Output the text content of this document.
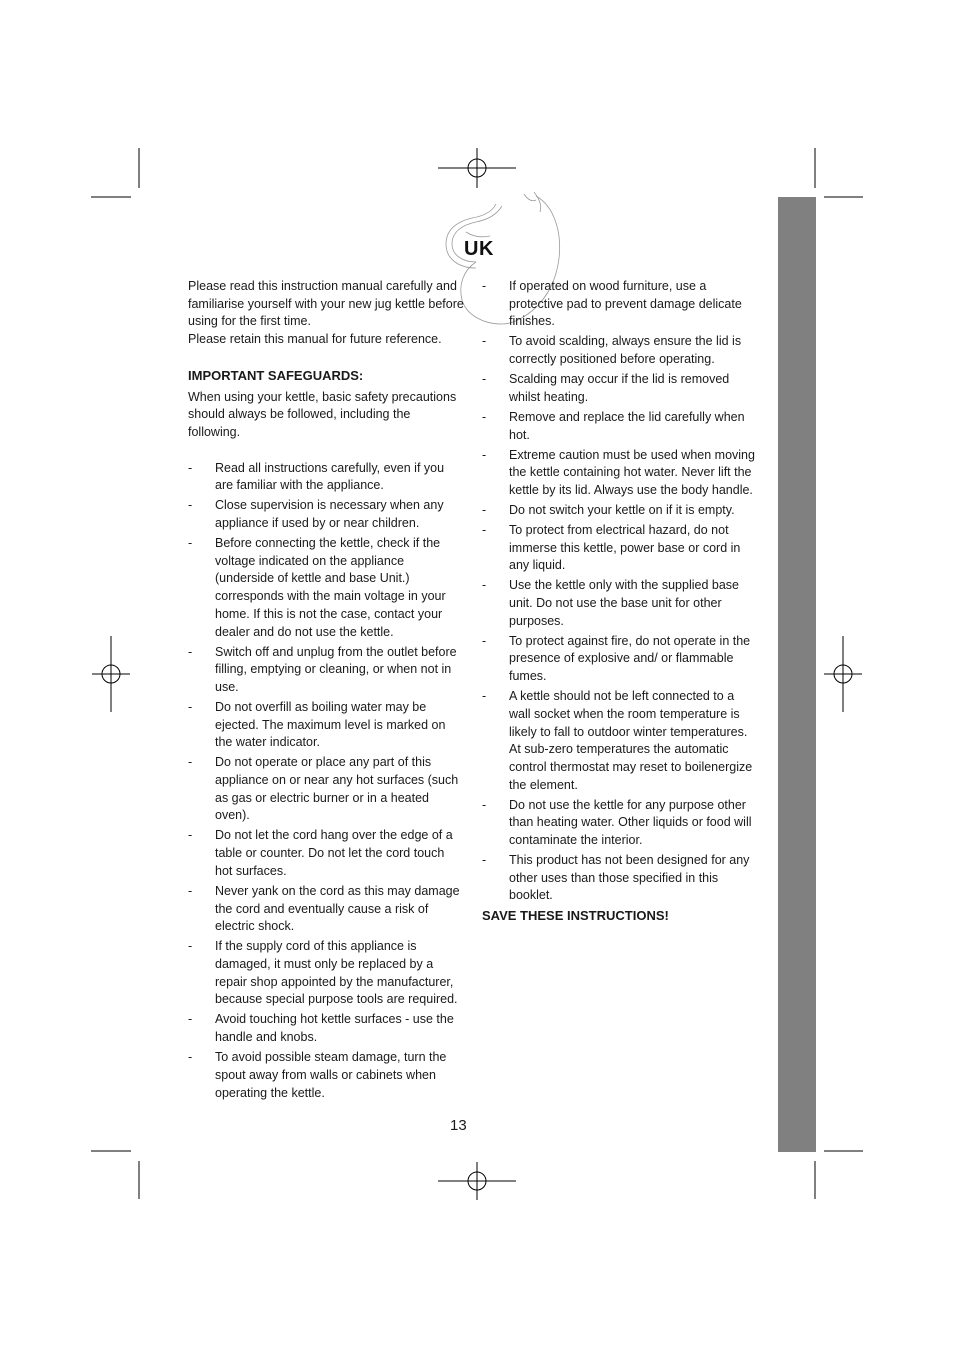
UK

Please read this instruction manual carefully and familiarise yourself with your new jug kettle before using for the first time.

Please retain this manual for future reference.

IMPORTANT SAFEGUARDS:

When using your kettle, basic safety precautions should always be followed, including the following.

- Read all instructions carefully, even if you are familiar with the appliance.
- Close supervision is necessary when any appliance if used by or near children.
- Before connecting the kettle, check if the voltage indicated on the appliance (underside of kettle and base Unit.) corresponds with the main voltage in your home. If this is not the case, contact your dealer and do not use the kettle.
- Switch off and unplug from the outlet before filling, emptying or cleaning, or when not in use.
- Do not overfill as boiling water may be ejected. The maximum level is marked on the water indicator.
- Do not operate or place any part of this appliance on or near any hot surfaces (such as gas or electric burner or in a heated oven).
- Do not let the cord hang over the edge of a table or counter. Do not let the cord touch hot surfaces.
- Never yank on the cord as this may damage the cord and eventually cause a risk of electric shock.
- If the supply cord of this appliance is damaged, it must only be replaced by a repair shop appointed by the manufacturer, because special purpose tools are required.
- Avoid touching hot kettle surfaces - use the handle and knobs.
- To avoid possible steam damage, turn the spout away from walls or cabinets when operating the kettle.
- If operated on wood furniture, use a protective pad to prevent damage delicate finishes.
- To avoid scalding, always ensure the lid is correctly positioned before operating.
- Scalding may occur if the lid is removed whilst heating.
- Remove and replace the lid carefully when hot.
- Extreme caution must be used when moving the kettle containing hot water. Never lift the kettle by its lid. Always use the body handle.
- Do not switch your kettle on if it is empty.
- To protect from electrical hazard, do not immerse this kettle, power base or cord in any liquid.
- Use the kettle only with the supplied base unit. Do not use the base unit for other purposes.
- To protect against fire, do not operate in the presence of explosive and/ or flammable fumes.
- A kettle should not be left connected to a wall socket when the room temperature is likely to fall to outdoor winter temperatures. At sub-zero temperatures the automatic control thermostat may reset to boilenergize the element.
- Do not use the kettle for any purpose other than heating water. Other liquids or food will contaminate the interior.
- This product has not been designed for any other uses than those specified in this booklet.
SAVE THESE INSTRUCTIONS!
13
